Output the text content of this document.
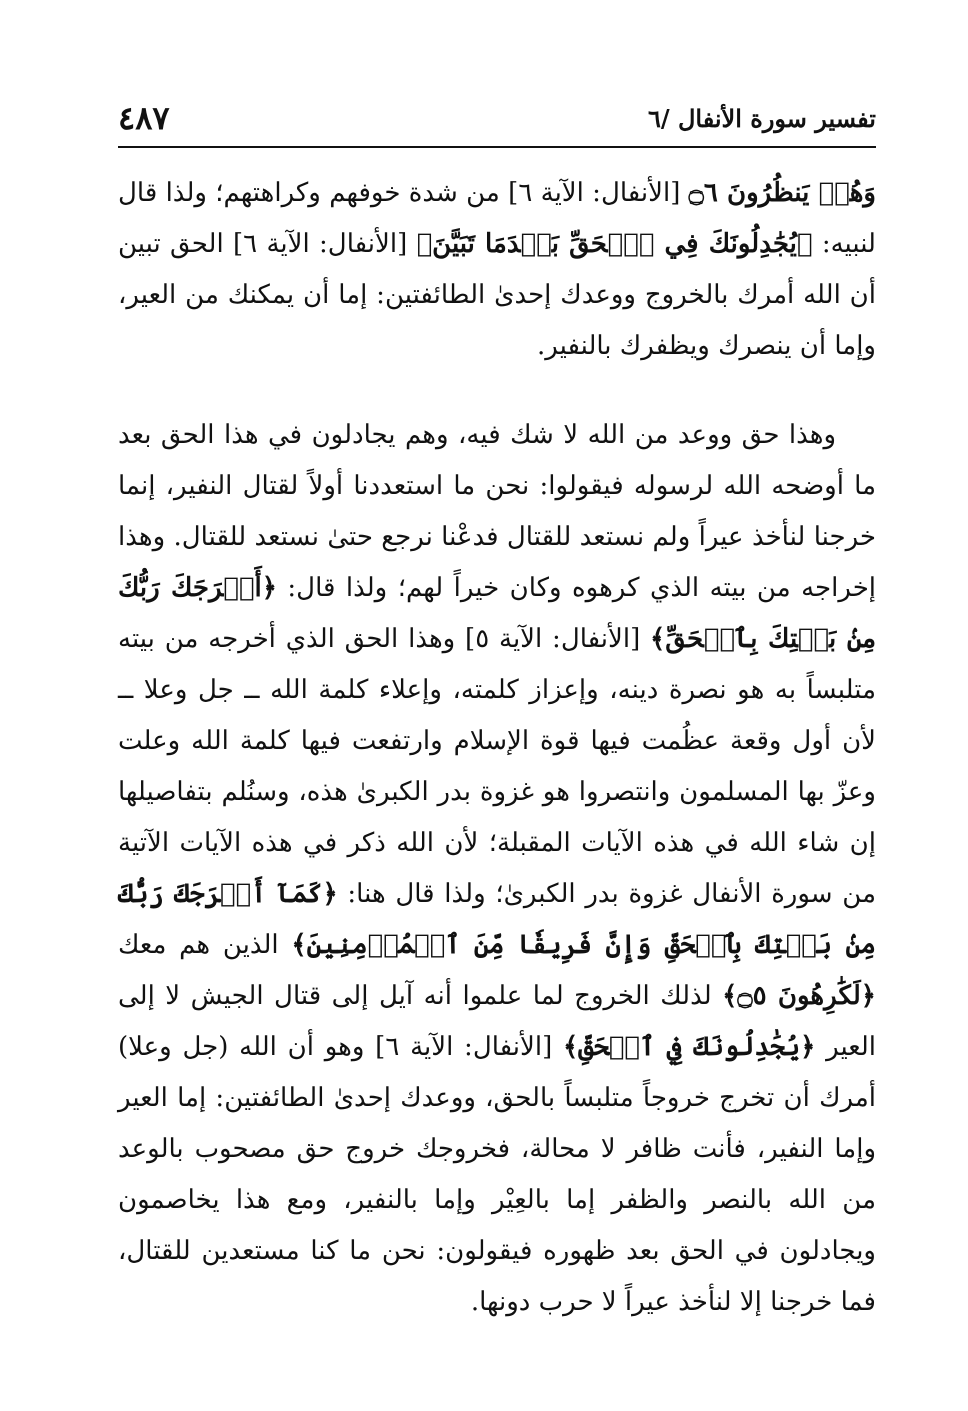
٤٨٧	تفسير سورة الأنفال /٦

وَهُمۡ يَنظُرُونَ ۝٦ [الأنفال: الآية ٦] من شدة خوفهم وكراهتهم؛ ولذا قال لنبيه: ﴿يُجَٰدِلُونَكَ فِي ٱلۡحَقِّ بَعۡدَمَا تَبَيَّنَ﴾ [الأنفال: الآية ٦] الحق تبين أن الله أمرك بالخروج ووعدك إحدىٰ الطائفتين: إما أن يمكنك من العير، وإما أن ينصرك ويظفرك بالنفير.

وهذا حق ووعد من الله لا شك فيه، وهم يجادلون في هذا الحق بعد ما أوضحه الله لرسوله فيقولوا: نحن ما استعددنا أولاً لقتال النفير، إنما خرجنا لنأخذ عيراً ولم نستعد للقتال فدعْنا نرجع حتىٰ نستعد للقتال. وهذا إخراجه من بيته الذي كرهوه وكان خيراً لهم؛ ولذا قال: ﴿أَخۡرَجَكَ رَبُّكَ مِنۢ بَيۡتِكَ بِٱلۡحَقِّ﴾ [الأنفال: الآية ٥] وهذا الحق الذي أخرجه من بيته متلبساً به هو نصرة دينه، وإعزاز كلمته، وإعلاء كلمة الله ــ جل وعلا ــ لأن أول وقعة عظُمت فيها قوة الإسلام وارتفعت فيها كلمة الله وعلت وعزّ بها المسلمون وانتصروا هو غزوة بدر الكبرىٰ هذه، وسنُلم بتفاصيلها إن شاء الله في هذه الآيات المقبلة؛ لأن الله ذكر في هذه الآيات الآتية من سورة الأنفال غزوة بدر الكبرىٰ؛ ولذا قال هنا: ﴿كَمَآ أَخۡرَجَكَ رَبُّكَ مِنۢ بَيۡتِكَ بِٱلۡحَقِّ وَإِنَّ فَرِيقٗا مِّنَ ٱلۡمُؤۡمِنِينَ﴾ الذين هم معك ﴿لَكَٰرِهُونَ ۝٥﴾ لذلك الخروج لما علموا أنه آيل إلى قتال الجيش لا إلى العير ﴿يُجَٰدِلُونَكَ فِي ٱلۡحَقِّ﴾ [الأنفال: الآية ٦] وهو أن الله (جل وعلا) أمرك أن تخرج خروجاً متلبساً بالحق، ووعدك إحدىٰ الطائفتين: إما العير وإما النفير، فأنت ظافر لا محالة، فخروجك خروج حق مصحوب بالوعد من الله بالنصر والظفر إما بالعِيْر وإما بالنفير، ومع هذا يخاصمون ويجادلون في الحق بعد ظهوره فيقولون: نحن ما كنا مستعدين للقتال، فما خرجنا إلا لنأخذ عيراً لا حرب دونها.
